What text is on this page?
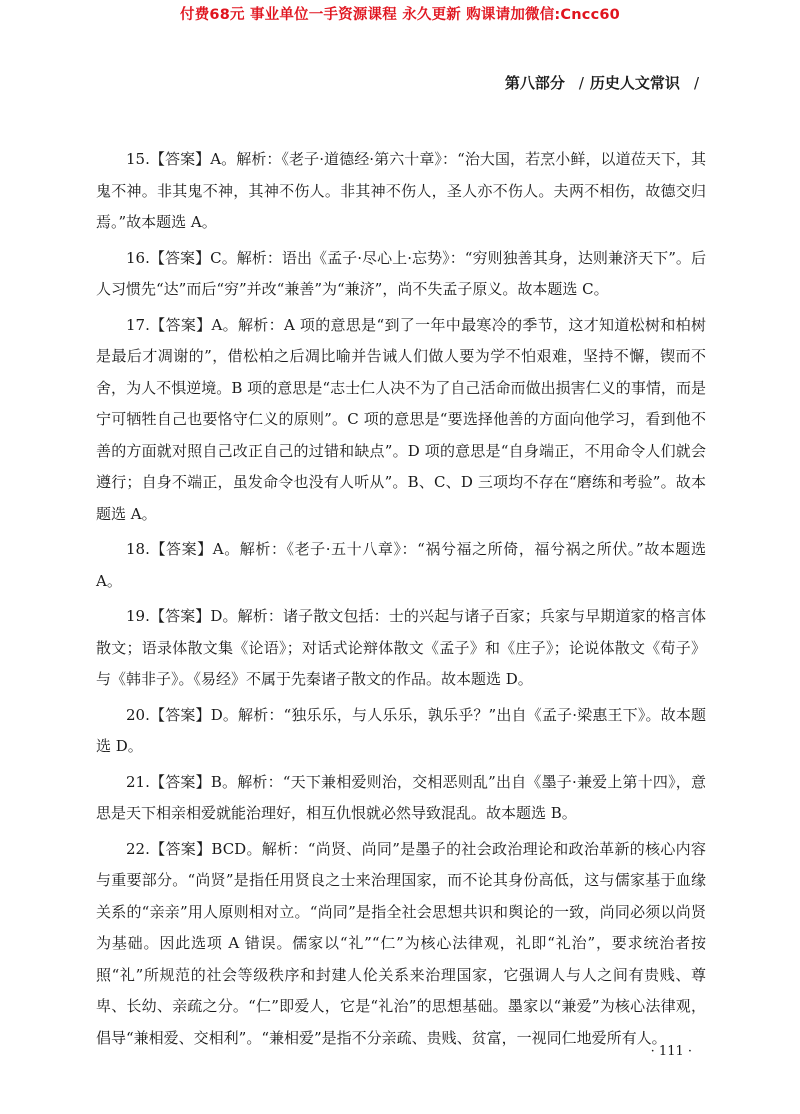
付费68元 事业单位一手资源课程 永久更新 购课请加微信:Cncc60
第八部分 / 历史人文常识 /

15.【答案】A。解析：《老子·道德经·第六十章》：“治大国，若烹小鲜，以道莅天下，其鬼不神。非其鬼不神，其神不伤人。非其神不伤人，圣人亦不伤人。夫两不相伤，故德交归焉。”故本题选 A。

16.【答案】C。解析：语出《孟子·尽心上·忘势》：“穷则独善其身，达则兼济天下”。后人习惯先“达”而后“穷”并改“兼善”为“兼济”，尚不失孟子原义。故本题选 C。

17.【答案】A。解析：A 项的意思是“到了一年中最寒冷的季节，这才知道松树和柏树是最后才凋谢的”，借松柏之后凋比喻并告诫人们做人要为学不怕艰难，坚持不懈，锲而不舍，为人不惧逆境。B 项的意思是“志士仁人决不为了自己活命而做出损害仁义的事情，而是宁可牺牲自己也要恪守仁义的原则”。C 项的意思是“要选择他善的方面向他学习，看到他不善的方面就对照自己改正自己的过错和缺点”。D 项的意思是“自身端正，不用命令人们就会遵行；自身不端正，虽发命令也没有人听从”。B、C、D 三项均不存在“磨练和考验”。故本题选 A。

18.【答案】A。解析：《老子·五十八章》：“祸兮福之所倚，福兮祸之所伏。”故本题选 A。

19.【答案】D。解析：诸子散文包括：士的兴起与诸子百家；兵家与早期道家的格言体散文；语录体散文集《论语》；对话式论辩体散文《孟子》和《庄子》；论说体散文《荀子》与《韩非子》。《易经》不属于先秦诸子散文的作品。故本题选 D。

20.【答案】D。解析：“独乐乐，与人乐乐，孰乐乎？”出自《孟子·梁惠王下》。故本题选 D。

21.【答案】B。解析：“天下兼相爱则治，交相恶则乱”出自《墨子·兼爱上第十四》，意思是天下相亲相爱就能治理好，相互仇恨就必然导致混乱。故本题选 B。

22.【答案】BCD。解析：“尚贤、尚同”是墨子的社会政治理论和政治革新的核心内容与重要部分。“尚贤”是指任用贤良之士来治理国家，而不论其身份高低，这与儒家基于血缘关系的“亲亲”用人原则相对立。“尚同”是指全社会思想共识和舆论的一致，尚同必须以尚贤为基础。因此选项 A 错误。儒家以“礼”“仁”为核心法律观，礼即“礼治”，要求统治者按照“礼”所规范的社会等级秩序和封建人伦关系来治理国家，它强调人与人之间有贵贱、尊卑、长幼、亲疏之分。“仁”即爱人，它是“礼治”的思想基础。墨家以“兼爱”为核心法律观，倡导“兼相爱、交相利”。“兼相爱”是指不分亲疏、贵贱、贫富，一视同仁地爱所有人。

· 111 ·
